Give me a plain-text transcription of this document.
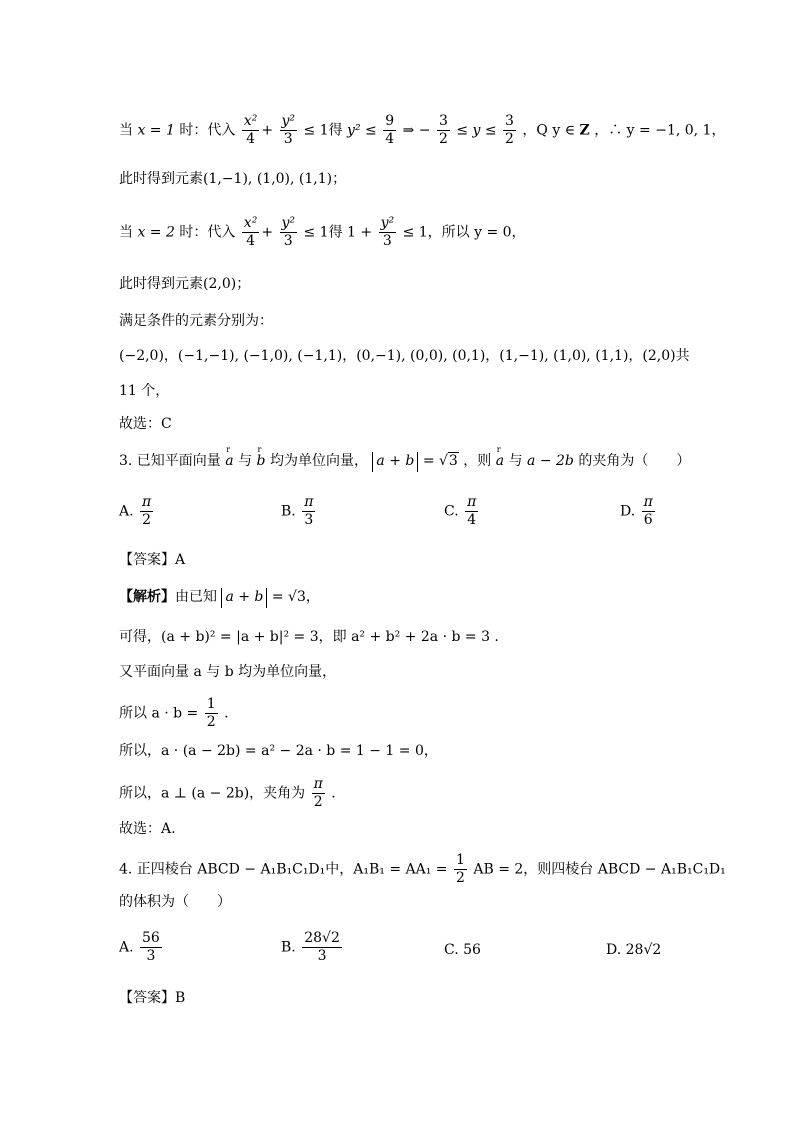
当 x = 1 时：代入 $\frac{\text{x²}}{4} + \frac{\text{y²}}{3} \le 1$得 $y^2 \le \frac{9}{4}$ ⇒ − $\frac{3}{2} \le y \le \frac{3}{2}$ ，Q y ∈ Z ，∴ y = −1, 0, 1，
此时得到元素(1,−1), (1,0), (1,1)；
当 x = 2 时：代入 $\frac{\text{x²}}{4} + \frac{\text{y²}}{3} \le 1$得 $1 + \frac{\text{y²}}{3} \le 1$，所以 y = 0，
此时得到元素(2,0)；
满足条件的元素分别为：
(−2,0)，(−1,−1), (−1,0), (−1,1)，(0,−1), (0,0), (0,1)，(1,−1), (1,0), (1,1)，(2,0)共
11 个，
故选：C
3. 已知平面向量 r a 与 r b 均为单位向量， a + b = √3 ，则 r a 与 a − 2b 的夹角为（　　）
A. $\frac{\pi}{2}$	B. $\frac{\pi}{3}$	C. $\frac{\pi}{4}$	D. $\frac{\pi}{6}$
【答案】A
【解析】由已知 a + b = √3，
可得，(a + b)² = |a + b|² = 3，即 a² + b² + 2a · b = 3 .
又平面向量 a 与 b 均为单位向量，
所以 $a \cdot b = \frac{1}{2}$ .
所以，a · (a − 2b) = a² − 2a · b = 1 − 1 = 0，
所以，a ⊥ (a − 2b)，夹角为 $\frac{\pi}{2}$ .
故选：A.
4. 正四棱台 ABCD − A₁B₁C₁D₁中，$A_1B_1 = AA_1 = \frac{1}{2}$ AB = 2，则四棱台 ABCD − A₁B₁C₁D₁
的体积为（　　）
A. $\frac{56}{3}$	B. $\frac{28√2}{3}$	C. 56	D. 28√2
【答案】B
